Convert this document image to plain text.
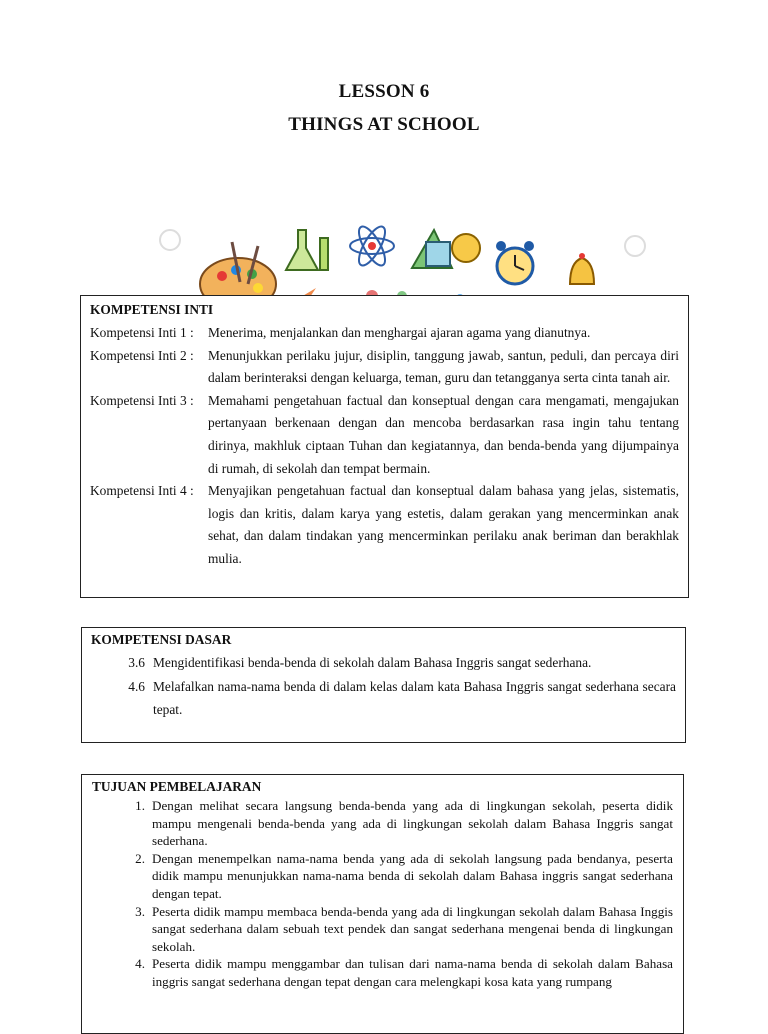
LESSON 6
THINGS AT SCHOOL
KOMPETENSI INTI
Kompetensi Inti 1 :	Menerima, menjalankan dan menghargai ajaran agama yang dianutnya.
Kompetensi Inti 2 :	Menunjukkan perilaku jujur, disiplin, tanggung jawab, santun, peduli, dan percaya diri dalam berinteraksi dengan keluarga, teman, guru dan tetangganya serta cinta tanah air.
Kompetensi Inti 3 :	Memahami pengetahuan factual dan konseptual dengan cara mengamati, mengajukan pertanyaan berkenaan dengan dan mencoba berdasarkan rasa ingin tahu tentang dirinya, makhluk ciptaan Tuhan dan kegiatannya, dan benda-benda yang dijumpainya di rumah, di sekolah dan tempat bermain.
Kompetensi Inti 4 :	Menyajikan pengetahuan factual dan konseptual dalam bahasa yang jelas, sistematis, logis dan kritis, dalam karya yang estetis, dalam gerakan yang mencerminkan anak sehat, dan dalam tindakan yang mencerminkan perilaku anak beriman dan berakhlak mulia.
KOMPETENSI DASAR
3.6 Mengidentifikasi benda-benda di sekolah dalam Bahasa Inggris sangat sederhana.
4.6 Melafalkan nama-nama benda di dalam kelas dalam kata Bahasa Inggris sangat sederhana secara tepat.
TUJUAN PEMBELAJARAN
1. Dengan melihat secara langsung benda-benda yang ada di lingkungan sekolah, peserta didik mampu mengenali benda-benda yang ada di lingkungan sekolah dalam Bahasa Inggris sangat sederhana.
2. Dengan menempelkan nama-nama benda yang ada di sekolah langsung pada bendanya, peserta didik mampu menunjukkan nama-nama benda di sekolah dalam Bahasa inggris sangat sederhana dengan tepat.
3. Peserta didik mampu membaca benda-benda yang ada di lingkungan sekolah dalam Bahasa Inggis sangat sederhana dalam sebuah text pendek dan sangat sederhana mengenai benda di lingkungan sekolah.
4. Peserta didik mampu menggambar dan tulisan dari nama-nama benda di sekolah dalam Bahasa inggris sangat sederhana dengan tepat dengan cara melengkapi kosa kata yang rumpang
